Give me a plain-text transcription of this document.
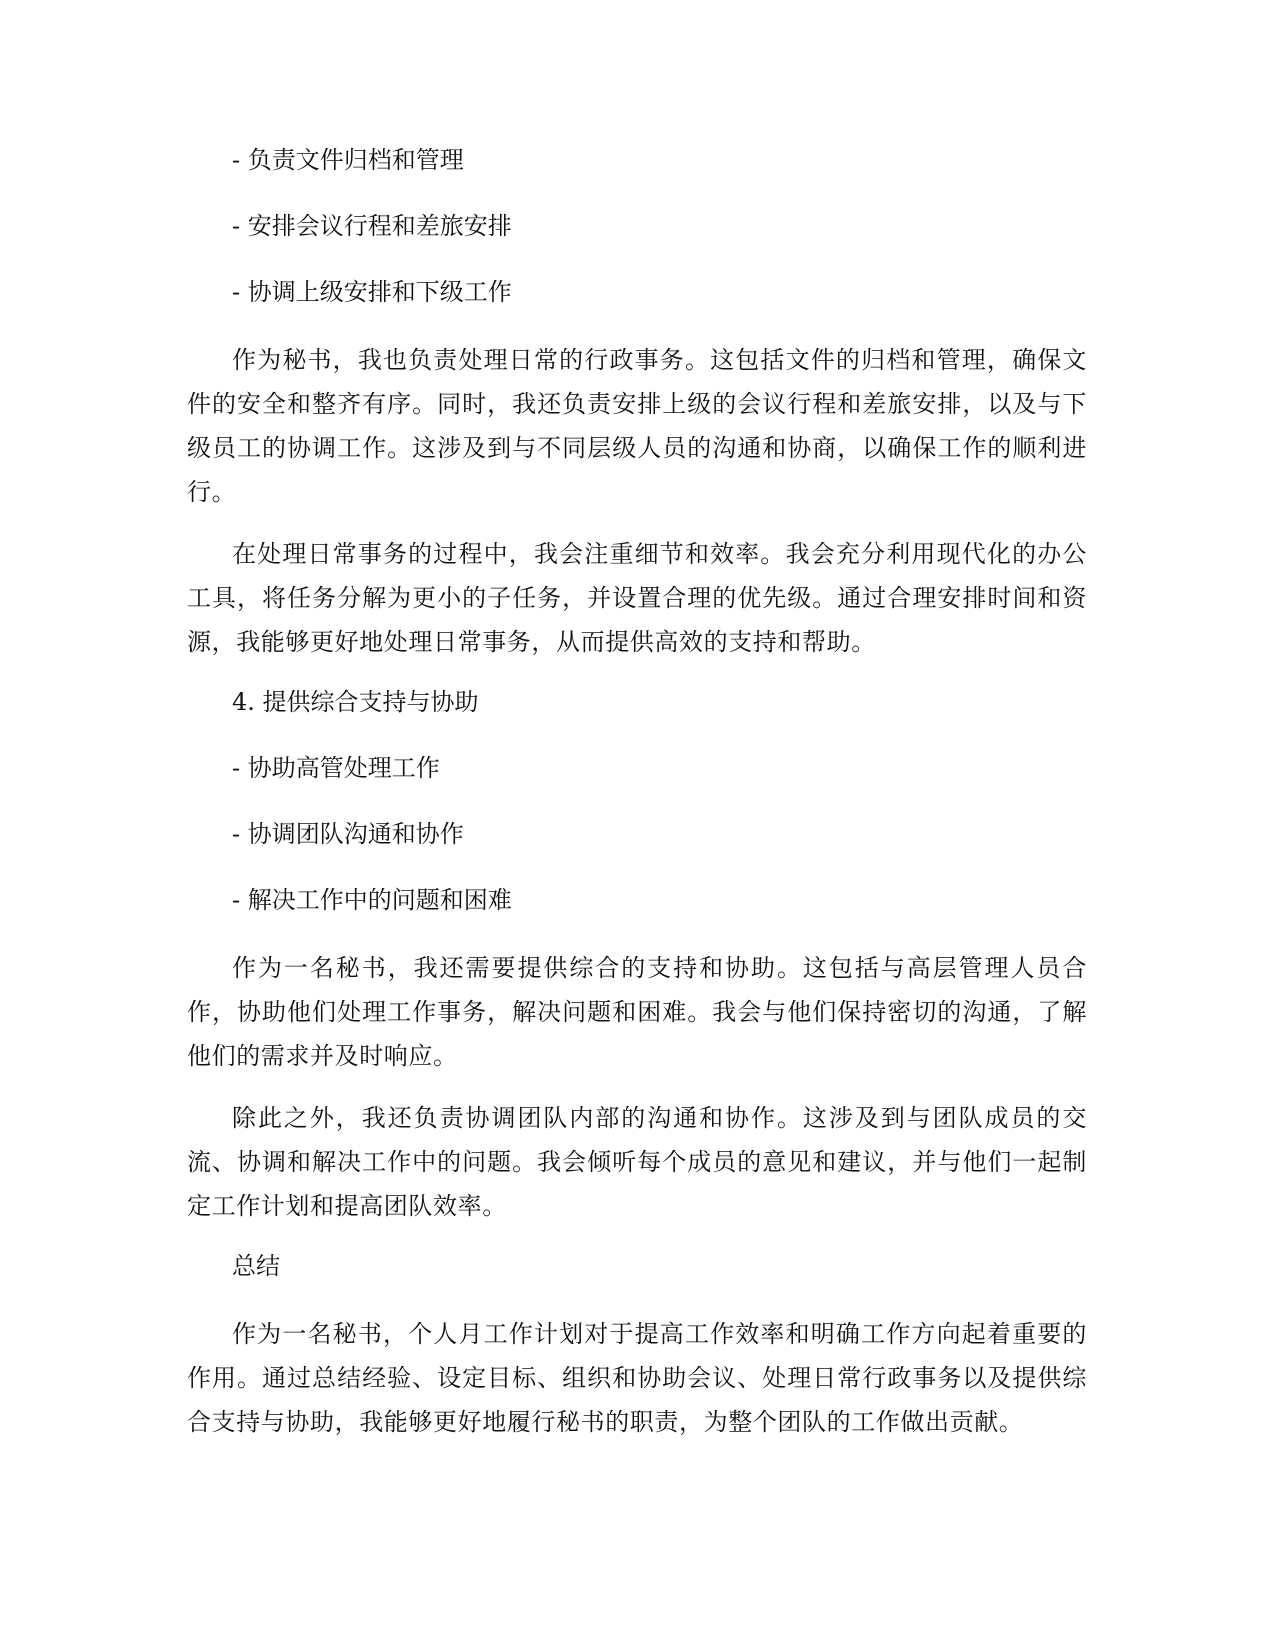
- 负责文件归档和管理
- 安排会议行程和差旅安排
- 协调上级安排和下级工作

作为秘书，我也负责处理日常的行政事务。这包括文件的归档和管理，确保文件的安全和整齐有序。同时，我还负责安排上级的会议行程和差旅安排，以及与下级员工的协调工作。这涉及到与不同层级人员的沟通和协商，以确保工作的顺利进行。

在处理日常事务的过程中，我会注重细节和效率。我会充分利用现代化的办公工具，将任务分解为更小的子任务，并设置合理的优先级。通过合理安排时间和资源，我能够更好地处理日常事务，从而提供高效的支持和帮助。

4. 提供综合支持与协助
- 协助高管处理工作
- 协调团队沟通和协作
- 解决工作中的问题和困难

作为一名秘书，我还需要提供综合的支持和协助。这包括与高层管理人员合作，协助他们处理工作事务，解决问题和困难。我会与他们保持密切的沟通，了解他们的需求并及时响应。

除此之外，我还负责协调团队内部的沟通和协作。这涉及到与团队成员的交流、协调和解决工作中的问题。我会倾听每个成员的意见和建议，并与他们一起制定工作计划和提高团队效率。

总结

作为一名秘书，个人月工作计划对于提高工作效率和明确工作方向起着重要的作用。通过总结经验、设定目标、组织和协助会议、处理日常行政事务以及提供综合支持与协助，我能够更好地履行秘书的职责，为整个团队的工作做出贡献。
